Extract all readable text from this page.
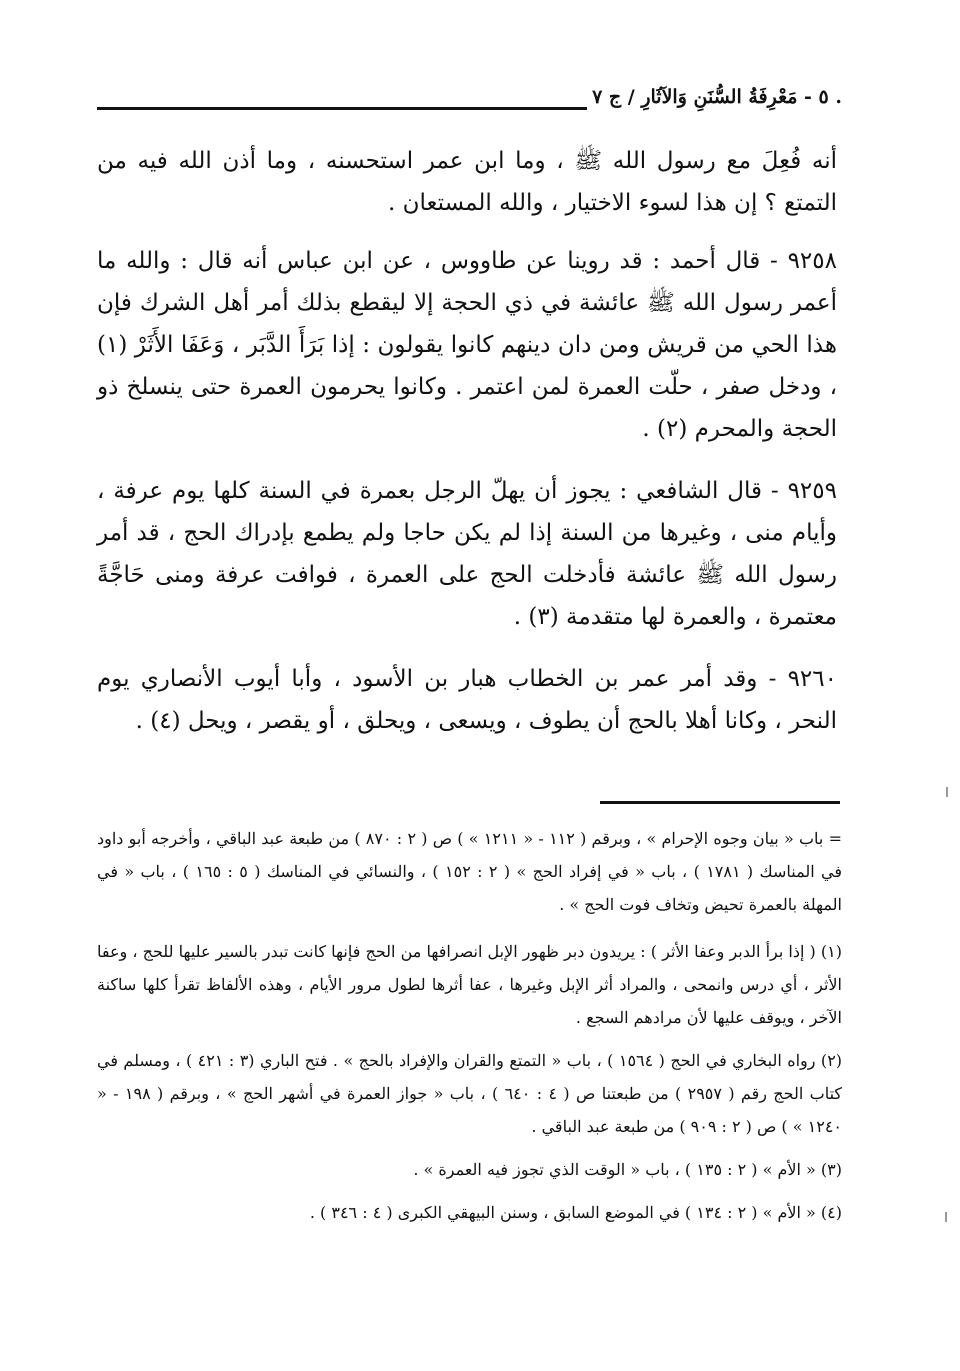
. ٥ - مَعْرِفَةُ السُّنَنِ وَالآثَارِ / ج ٧

أنه فُعِلَ مع رسول الله ﷺ ، وما ابن عمر استحسنه ، وما أذن الله فيه من التمتع ؟ إن هذا لسوء الاختيار ، والله المستعان .

٩٢٥٨ - قال أحمد : قد روينا عن طاووس ، عن ابن عباس أنه قال : والله ما أعمر رسول الله ﷺ عائشة في ذي الحجة إلا ليقطع بذلك أمر أهل الشرك فإن هذا الحي من قريش ومن دان دينهم كانوا يقولون : إذا بَرَأَ الدَّبَر ، وَعَفَا الأَثَرْ (١) ، ودخل صفر ، حلّت العمرة لمن اعتمر . وكانوا يحرمون العمرة حتى ينسلخ ذو الحجة والمحرم (٢) .

٩٢٥٩ - قال الشافعي : يجوز أن يهلّ الرجل بعمرة في السنة كلها يوم عرفة ، وأيام منى ، وغيرها من السنة إذا لم يكن حاجا ولم يطمع بإدراك الحج ، قد أمر رسول الله ﷺ عائشة فأدخلت الحج على العمرة ، فوافت عرفة ومنى حَاجَّةً معتمرة ، والعمرة لها متقدمة (٣) .

٩٢٦٠ - وقد أمر عمر بن الخطاب هبار بن الأسود ، وأبا أيوب الأنصاري يوم النحر ، وكانا أهلا بالحج أن يطوف ، ويسعى ، ويحلق ، أو يقصر ، ويحل (٤) .

= باب « بيان وجوه الإحرام » ، وبرقم ( ١١٢ - « ١٢١١ » ) ص ( ٢ : ٨٧٠ ) من طبعة عبد الباقي ، وأخرجه أبو داود في المناسك ( ١٧٨١ ) ، باب « في إفراد الحج » ( ٢ : ١٥٢ ) ، والنسائي في المناسك ( ٥ : ١٦٥ ) ، باب « في المهلة بالعمرة تحيض وتخاف فوت الحج » .

(١) ( إذا برأ الدبر وعفا الأثر ) : يريدون دبر ظهور الإبل انصرافها من الحج فإنها كانت تبدر بالسير عليها للحج ، وعفا الأثر ، أي درس وانمحى ، والمراد أثر الإبل وغيرها ، عفا أثرها لطول مرور الأيام ، وهذه الألفاظ تقرأ كلها ساكنة الآخر ، ويوقف عليها لأن مرادهم السجع .

(٢) رواه البخاري في الحج ( ١٥٦٤ ) ، باب « التمتع والقران والإفراد بالحج » . فتح الباري (٣ : ٤٢١ ) ، ومسلم في كتاب الحج رقم ( ٢٩٥٧ ) من طبعتنا ص ( ٤ : ٦٤٠ ) ، باب « جواز العمرة في أشهر الحج » ، وبرقم ( ١٩٨ - « ١٢٤٠ » ) ص ( ٢ : ٩٠٩ ) من طبعة عبد الباقي .

(٣) « الأم » ( ٢ : ١٣٥ ) ، باب « الوقت الذي تجوز فيه العمرة » .

(٤) « الأم » ( ٢ : ١٣٤ ) في الموضع السابق ، وسنن البيهقي الكبرى ( ٤ : ٣٤٦ ) .
